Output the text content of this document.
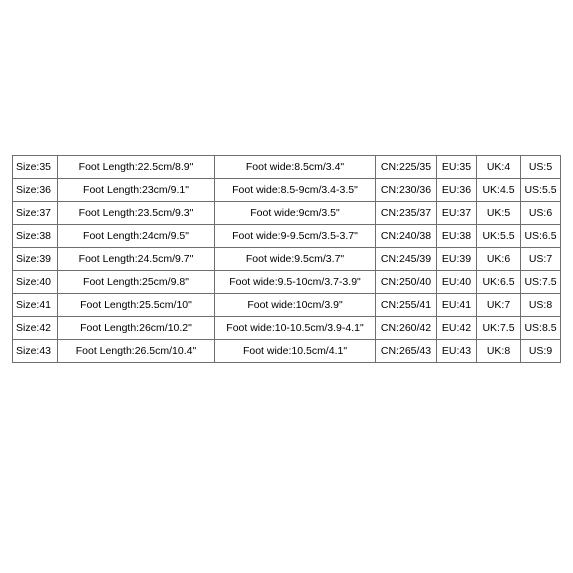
Size:35	Foot Length:22.5cm/8.9"	Foot wide:8.5cm/3.4"	CN:225/35	EU:35	UK:4	US:5
Size:36	Foot Length:23cm/9.1"	Foot wide:8.5-9cm/3.4-3.5"	CN:230/36	EU:36	UK:4.5	US:5.5
Size:37	Foot Length:23.5cm/9.3"	Foot wide:9cm/3.5"	CN:235/37	EU:37	UK:5	US:6
Size:38	Foot Length:24cm/9.5"	Foot wide:9-9.5cm/3.5-3.7"	CN:240/38	EU:38	UK:5.5	US:6.5
Size:39	Foot Length:24.5cm/9.7"	Foot wide:9.5cm/3.7"	CN:245/39	EU:39	UK:6	US:7
Size:40	Foot Length:25cm/9.8"	Foot wide:9.5-10cm/3.7-3.9"	CN:250/40	EU:40	UK:6.5	US:7.5
Size:41	Foot Length:25.5cm/10"	Foot wide:10cm/3.9"	CN:255/41	EU:41	UK:7	US:8
Size:42	Foot Length:26cm/10.2"	Foot wide:10-10.5cm/3.9-4.1"	CN:260/42	EU:42	UK:7.5	US:8.5
Size:43	Foot Length:26.5cm/10.4"	Foot wide:10.5cm/4.1"	CN:265/43	EU:43	UK:8	US:9
